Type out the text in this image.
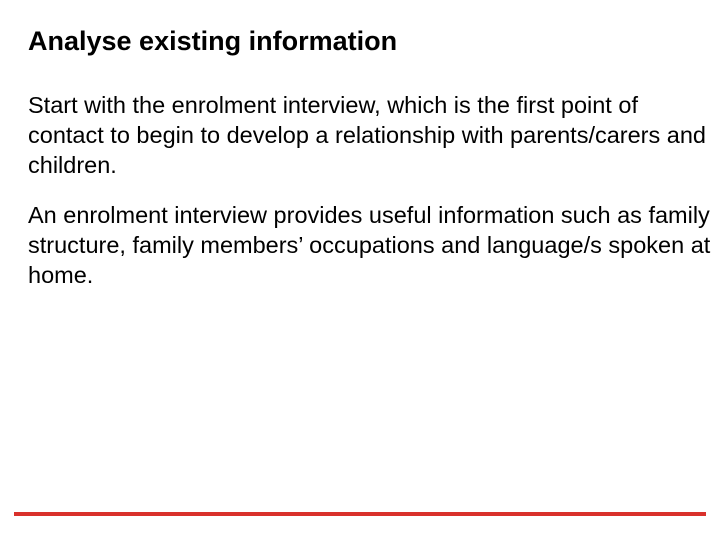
Analyse existing information

Start with the enrolment interview, which is the first point of contact to begin to develop a relationship with parents/carers and children.

An enrolment interview provides useful information such as family structure, family members’ occupations and language/s spoken at home.
